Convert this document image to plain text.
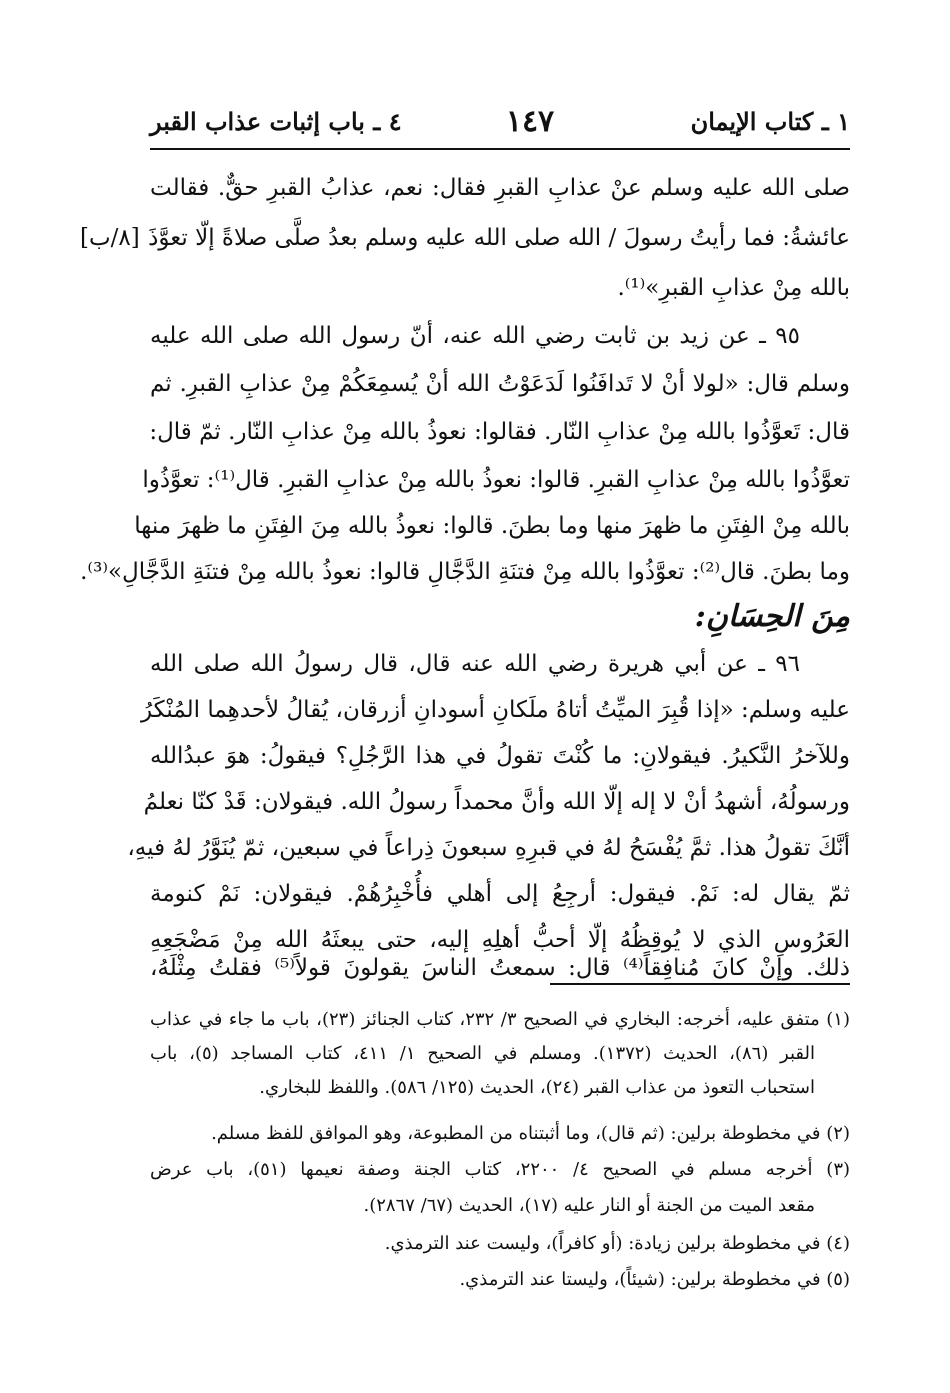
١ ـ كتاب الإيمان
١٤٧
٤ ـ باب إثبات عذاب القبر
[٨/ب]
صلى الله عليه وسلم عنْ عذابِ القبرِ فقال: نعم، عذابُ القبرِ حقٌّ. فقالت
عائشةُ: فما رأيتُ رسولَ / الله صلى الله عليه وسلم بعدُ صلَّى صلاةً إلّا تعوَّذَ
بالله مِنْ عذابِ القبرِ»⁽¹⁾.
٩٥ ـ عن زيد بن ثابت رضي الله عنه، أنّ رسول الله صلى الله عليه
وسلم قال: «لولا أنْ لا تَدافَنُوا لَدَعَوْتُ الله أنْ يُسمِعَكُمْ مِنْ عذابِ القبرِ. ثم
قال: تَعوَّذُوا بالله مِنْ عذابِ النّار. فقالوا: نعوذُ بالله مِنْ عذابِ النّار. ثمّ قال:
تعوَّذُوا بالله مِنْ عذابِ القبرِ. قالوا: نعوذُ بالله مِنْ عذابِ القبرِ. قال⁽¹⁾: تعوَّذُوا
بالله مِنْ الفِتَنِ ما ظهرَ منها وما بطنَ. قالوا: نعوذُ بالله مِنَ الفِتَنِ ما ظهرَ منها
وما بطنَ. قال⁽²⁾: تعوَّذُوا بالله مِنْ فتنَةِ الدَّجَّالِ قالوا: نعوذُ بالله مِنْ فتنَةِ الدَّجَّالِ»⁽³⁾.
مِنَ الحِسَانِ:
٩٦ ـ عن أبي هريرة رضي الله عنه قال، قال رسولُ الله صلى الله
عليه وسلم: «إذا قُبِرَ الميِّتُ أتاهُ ملَكانِ أسودانِ أزرقان، يُقالُ لأحدهِما المُنْكَرُ
وللآخرُ النَّكيرُ. فيقولانِ: ما كُنْتَ تقولُ في هذا الرَّجُلِ؟ فيقولُ: هوَ عبدُالله
ورسولُهُ، أشهدُ أنْ لا إله إلّا الله وأنَّ محمداً رسولُ الله. فيقولان: قَدْ كنّا نعلمُ
أنَّكَ تقولُ هذا. ثمَّ يُفْسَحُ لهُ في قبرِهِ سبعونَ ذِراعاً في سبعين، ثمّ يُنَوَّرُ لهُ فيهِ،
ثمّ يقال له: نَمْ. فيقول: أرجِعُ إلى أهلي فأُخْبِرُهُمْ. فيقولان: نَمْ كنومة
العَرُوسِ الذي لا يُوقِظُهُ إلّا أحبُّ أهلِهِ إليه، حتى يبعثَهُ الله مِنْ مَضْجَعِهِ
ذلك. وإنْ كانَ مُنافِقاً⁽⁴⁾ قال: سمعتُ الناسَ يقولونَ قولاً⁽⁵⁾ فقلتُ مِثْلَهُ،
(١) متفق عليه، أخرجه: البخاري في الصحيح ٣/ ٢٣٢، كتاب الجنائز (٢٣)، باب ما جاء في عذاب
القبر (٨٦)، الحديث (١٣٧٢). ومسلم في الصحيح ١/ ٤١١، كتاب المساجد (٥)، باب
استحباب التعوذ من عذاب القبر (٢٤)، الحديث (١٢٥/ ٥٨٦). واللفظ للبخاري.
(٢) في مخطوطة برلين: (ثم قال)، وما أثبتناه من المطبوعة، وهو الموافق للفظ مسلم.
(٣) أخرجه مسلم في الصحيح ٤/ ٢٢٠٠، كتاب الجنة وصفة نعيمها (٥١)، باب عرض
مقعد الميت من الجنة أو النار عليه (١٧)، الحديث (٦٧/ ٢٨٦٧).
(٤) في مخطوطة برلين زيادة: (أو كافراً)، وليست عند الترمذي.
(٥) في مخطوطة برلين: (شيئاً)، وليستا عند الترمذي.
